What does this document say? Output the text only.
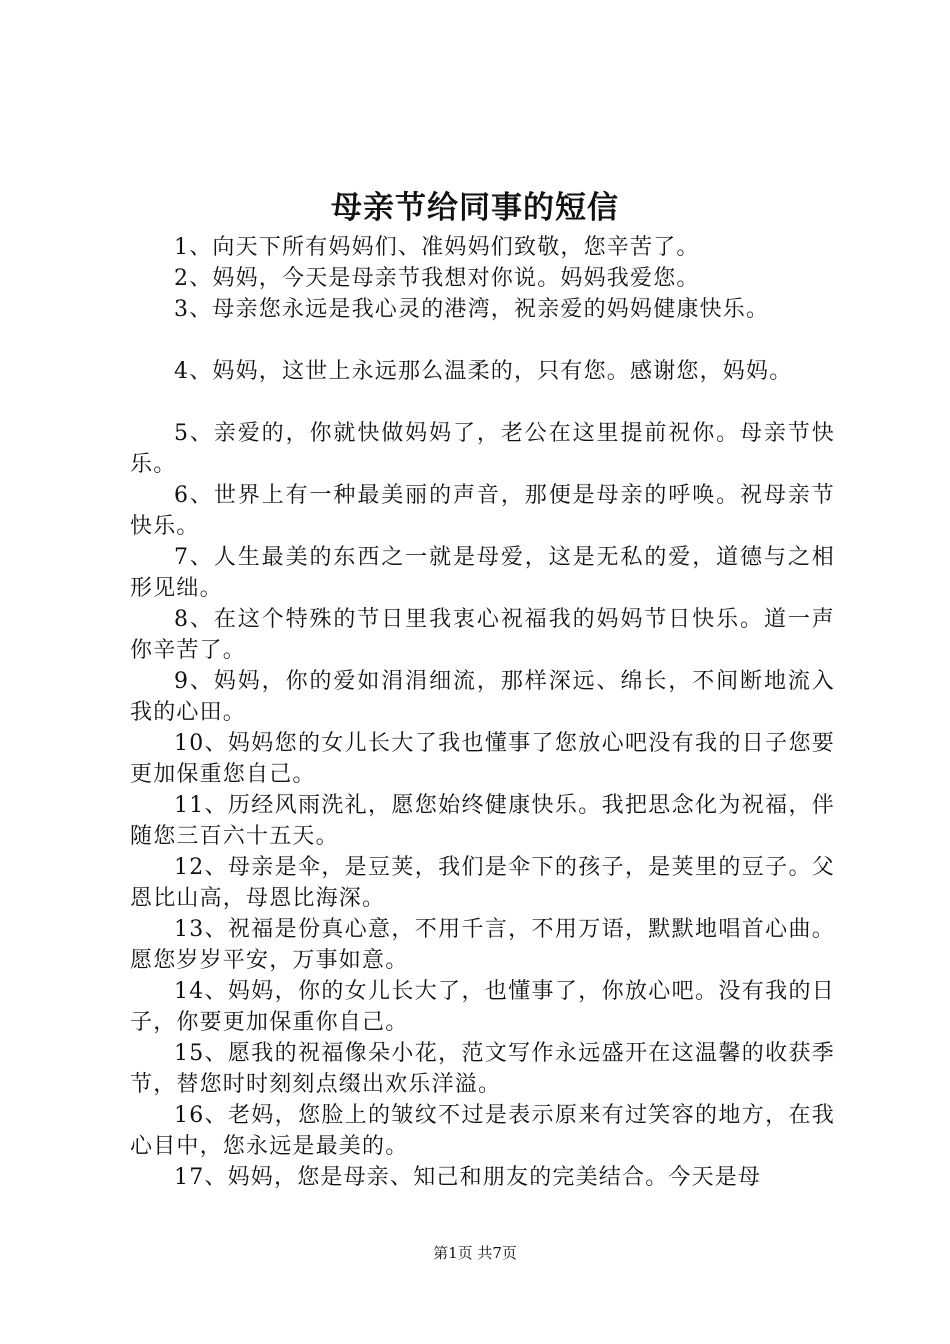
母亲节给同事的短信

1、向天下所有妈妈们、准妈妈们致敬，您辛苦了。

2、妈妈，今天是母亲节我想对你说。妈妈我爱您。

3、母亲您永远是我心灵的港湾，祝亲爱的妈妈健康快乐。

4、妈妈，这世上永远那么温柔的，只有您。感谢您，妈妈。

5、亲爱的，你就快做妈妈了，老公在这里提前祝你。母亲节快乐。

6、世界上有一种最美丽的声音，那便是母亲的呼唤。祝母亲节快乐。

7、人生最美的东西之一就是母爱，这是无私的爱，道德与之相形见绌。

8、在这个特殊的节日里我衷心祝福我的妈妈节日快乐。道一声你辛苦了。

9、妈妈，你的爱如涓涓细流，那样深远、绵长，不间断地流入我的心田。

10、妈妈您的女儿长大了我也懂事了您放心吧没有我的日子您要更加保重您自己。

11、历经风雨洗礼，愿您始终健康快乐。我把思念化为祝福，伴随您三百六十五天。

12、母亲是伞，是豆荚，我们是伞下的孩子，是荚里的豆子。父恩比山高，母恩比海深。

13、祝福是份真心意，不用千言，不用万语，默默地唱首心曲。愿您岁岁平安，万事如意。

14、妈妈，你的女儿长大了，也懂事了，你放心吧。没有我的日子，你要更加保重你自己。

15、愿我的祝福像朵小花，范文写作永远盛开在这温馨的收获季节，替您时时刻刻点缀出欢乐洋溢。

16、老妈，您脸上的皱纹不过是表示原来有过笑容的地方，在我心目中，您永远是最美的。

17、妈妈，您是母亲、知己和朋友的完美结合。今天是母

第1页 共7页
